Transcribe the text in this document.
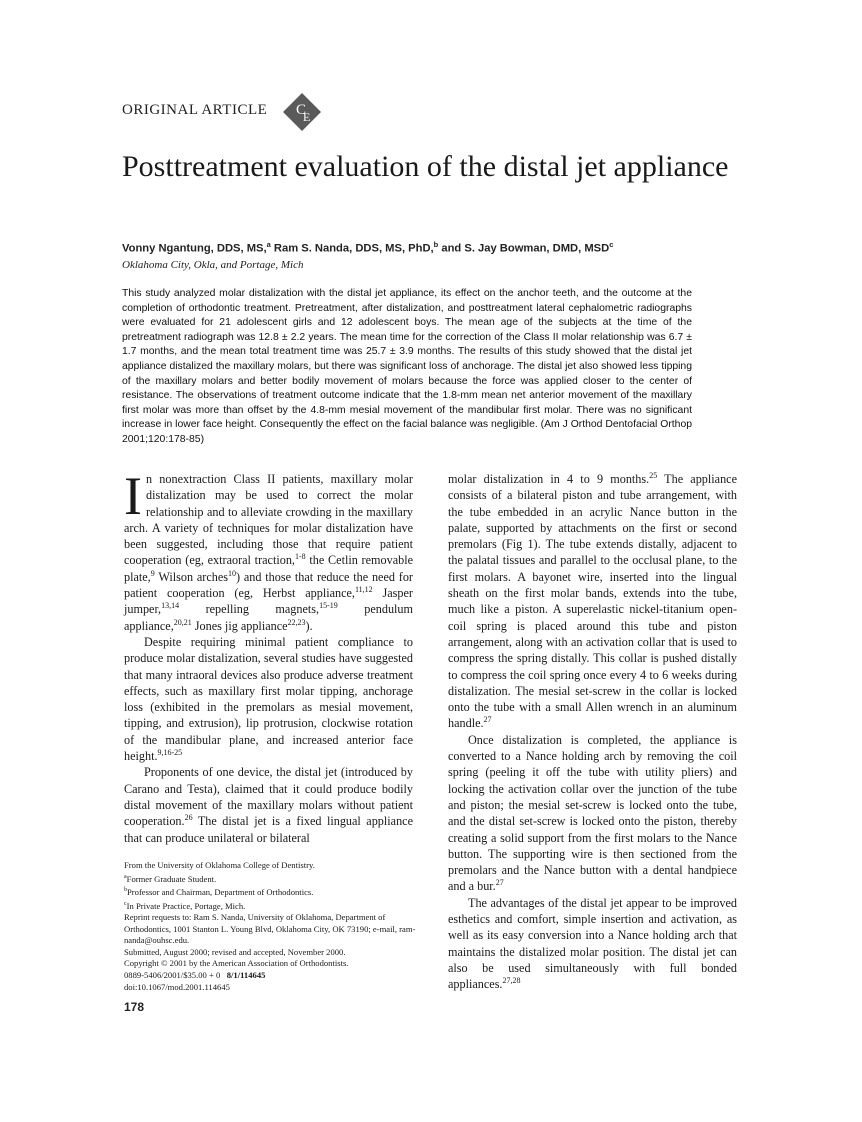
ORIGINAL ARTICLE C
E
Posttreatment evaluation of the distal jet appliance
Vonny Ngantung, DDS, MS,$^a$ Ram S. Nanda, DDS, MS, PhD,$^b$ and S. Jay Bowman, DMD, MSD$^c$
Oklahoma City, Okla, and Portage, Mich
This study analyzed molar distalization with the distal jet appliance, its effect on the anchor teeth, and the outcome at the completion of orthodontic treatment. Pretreatment, after distalization, and posttreatment lateral cephalometric radiographs were evaluated for 21 adolescent girls and 12 adolescent boys. The mean age of the subjects at the time of the pretreatment radiograph was 12.8 ± 2.2 years. The mean time for the correction of the Class II molar relationship was 6.7 ± 1.7 months, and the mean total treatment time was 25.7 ± 3.9 months. The results of this study showed that the distal jet appliance distalized the maxillary molars, but there was significant loss of anchorage. The distal jet also showed less tipping of the maxillary molars and better bodily movement of molars because the force was applied closer to the center of resistance. The observations of treatment outcome indicate that the 1.8-mm mean net anterior movement of the maxillary first molar was more than offset by the 4.8-mm mesial movement of the mandibular first molar. There was no significant increase in lower face height. Consequently the effect on the facial balance was negligible. (Am J Orthod Dentofacial Orthop 2001;120:178-85)

In nonextraction Class II patients, maxillary molar distalization may be used to correct the molar relationship and to alleviate crowding in the maxillary arch. A variety of techniques for molar distalization have been suggested, including those that require patient cooperation (eg, extraoral traction,$^{1-8}$ the Cetlin removable plate,$^9$ Wilson arches$^{10}$) and those that reduce the need for patient cooperation (eg, Herbst appliance,$^{11,12}$ Jasper jumper,$^{13,14}$ repelling magnets,$^{15-19}$ pendulum appliance,$^{20,21}$ Jones jig appliance$^{22,23}$).

Despite requiring minimal patient compliance to produce molar distalization, several studies have suggested that many intraoral devices also produce adverse treatment effects, such as maxillary first molar tipping, anchorage loss (exhibited in the premolars as mesial movement, tipping, and extrusion), lip protrusion, clockwise rotation of the mandibular plane, and increased anterior face height.$^{9,16-25}$

Proponents of one device, the distal jet (introduced by Carano and Testa), claimed that it could produce bodily distal movement of the maxillary molars without patient cooperation.$^{26}$ The distal jet is a fixed lingual appliance that can produce unilateral or bilateral

molar distalization in 4 to 9 months.$^{25}$ The appliance consists of a bilateral piston and tube arrangement, with the tube embedded in an acrylic Nance button in the palate, supported by attachments on the first or second premolars (Fig 1). The tube extends distally, adjacent to the palatal tissues and parallel to the occlusal plane, to the first molars. A bayonet wire, inserted into the lingual sheath on the first molar bands, extends into the tube, much like a piston. A superelastic nickel-titanium open-coil spring is placed around this tube and piston arrangement, along with an activation collar that is used to compress the spring distally. This collar is pushed distally to compress the coil spring once every 4 to 6 weeks during distalization. The mesial set-screw in the collar is locked onto the tube with a small Allen wrench in an aluminum handle.$^{27}$

Once distalization is completed, the appliance is converted to a Nance holding arch by removing the coil spring (peeling it off the tube with utility pliers) and locking the activation collar over the junction of the tube and piston; the mesial set-screw is locked onto the tube, and the distal set-screw is locked onto the piston, thereby creating a solid support from the first molars to the Nance button. The supporting wire is then sectioned from the premolars and the Nance button with a dental handpiece and a bur.$^{27}$

The advantages of the distal jet appear to be improved esthetics and comfort, simple insertion and activation, as well as its easy conversion into a Nance holding arch that maintains the distalized molar position. The distal jet can also be used simultaneously with full bonded appliances.$^{27,28}$

From the University of Oklahoma College of Dentistry.

$^a$Former Graduate Student.

$^b$Professor and Chairman, Department of Orthodontics.

$^c$In Private Practice, Portage, Mich.

Reprint requests to: Ram S. Nanda, University of Oklahoma, Department of Orthodontics, 1001 Stanton L. Young Blvd, Oklahoma City, OK 73190; e-mail, ram-nanda@ouhsc.edu.

Submitted, August 2000; revised and accepted, November 2000.

Copyright © 2001 by the American Association of Orthodontists.

0889-5406/2001/$35.00 + 0 8/1/114645

doi:10.1067/mod.2001.114645

178
